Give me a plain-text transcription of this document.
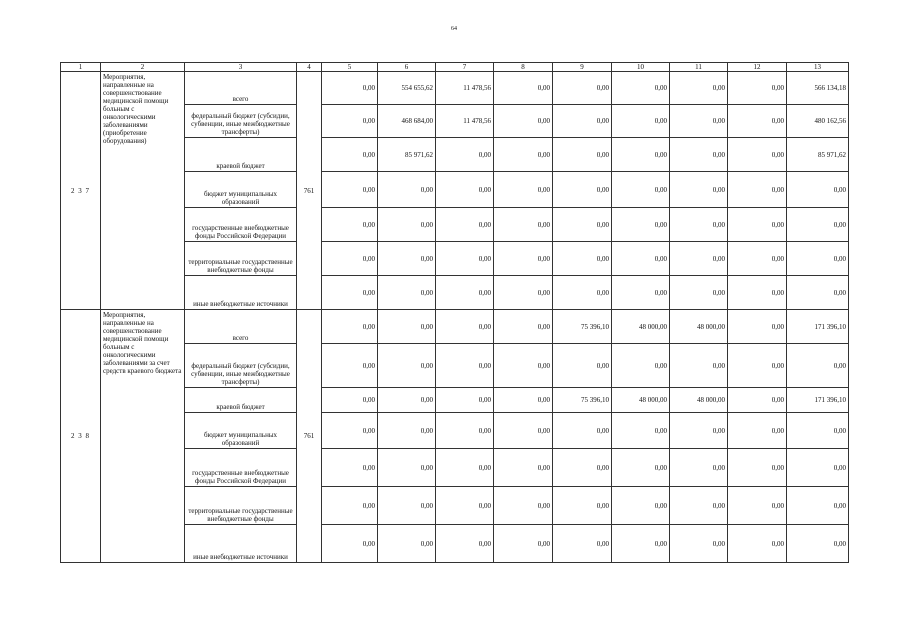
64
1	2	3	4	5	6	7	8	9	10	11	12	13
2 3 7	Мероприятия, направленные на совершенствование медицинской помощи больным с онкологическими заболеваниями (приобретение оборудования)	всего	761	0,00	554 655,62	11 478,56	0,00	0,00	0,00	0,00	0,00	566 134,18
		федеральный бюджет (субсидии, субвенции, иные межбюджетные трансферты)		0,00	468 684,00	11 478,56	0,00	0,00	0,00	0,00	0,00	480 162,56
		краевой бюджет		0,00	85 971,62	0,00	0,00	0,00	0,00	0,00	0,00	85 971,62
		бюджет муниципальных образований		0,00	0,00	0,00	0,00	0,00	0,00	0,00	0,00	0,00
		государственные внебюджетные фонды Российской Федерации		0,00	0,00	0,00	0,00	0,00	0,00	0,00	0,00	0,00
		территориальные государственные внебюджетные фонды		0,00	0,00	0,00	0,00	0,00	0,00	0,00	0,00	0,00
		иные внебюджетные источники		0,00	0,00	0,00	0,00	0,00	0,00	0,00	0,00	0,00
2 3 8	Мероприятия, направленные на совершенствование медицинской помощи больным с онкологическими заболеваниями за счет средств краевого бюджета	всего	761	0,00	0,00	0,00	0,00	75 396,10	48 000,00	48 000,00	0,00	171 396,10
		федеральный бюджет (субсидии, субвенции, иные межбюджетные трансферты)		0,00	0,00	0,00	0,00	0,00	0,00	0,00	0,00	0,00
		краевой бюджет		0,00	0,00	0,00	0,00	75 396,10	48 000,00	48 000,00	0,00	171 396,10
		бюджет муниципальных образований		0,00	0,00	0,00	0,00	0,00	0,00	0,00	0,00	0,00
		государственные внебюджетные фонды Российской Федерации		0,00	0,00	0,00	0,00	0,00	0,00	0,00	0,00	0,00
		территориальные государственные внебюджетные фонды		0,00	0,00	0,00	0,00	0,00	0,00	0,00	0,00	0,00
		иные внебюджетные источники		0,00	0,00	0,00	0,00	0,00	0,00	0,00	0,00	0,00
